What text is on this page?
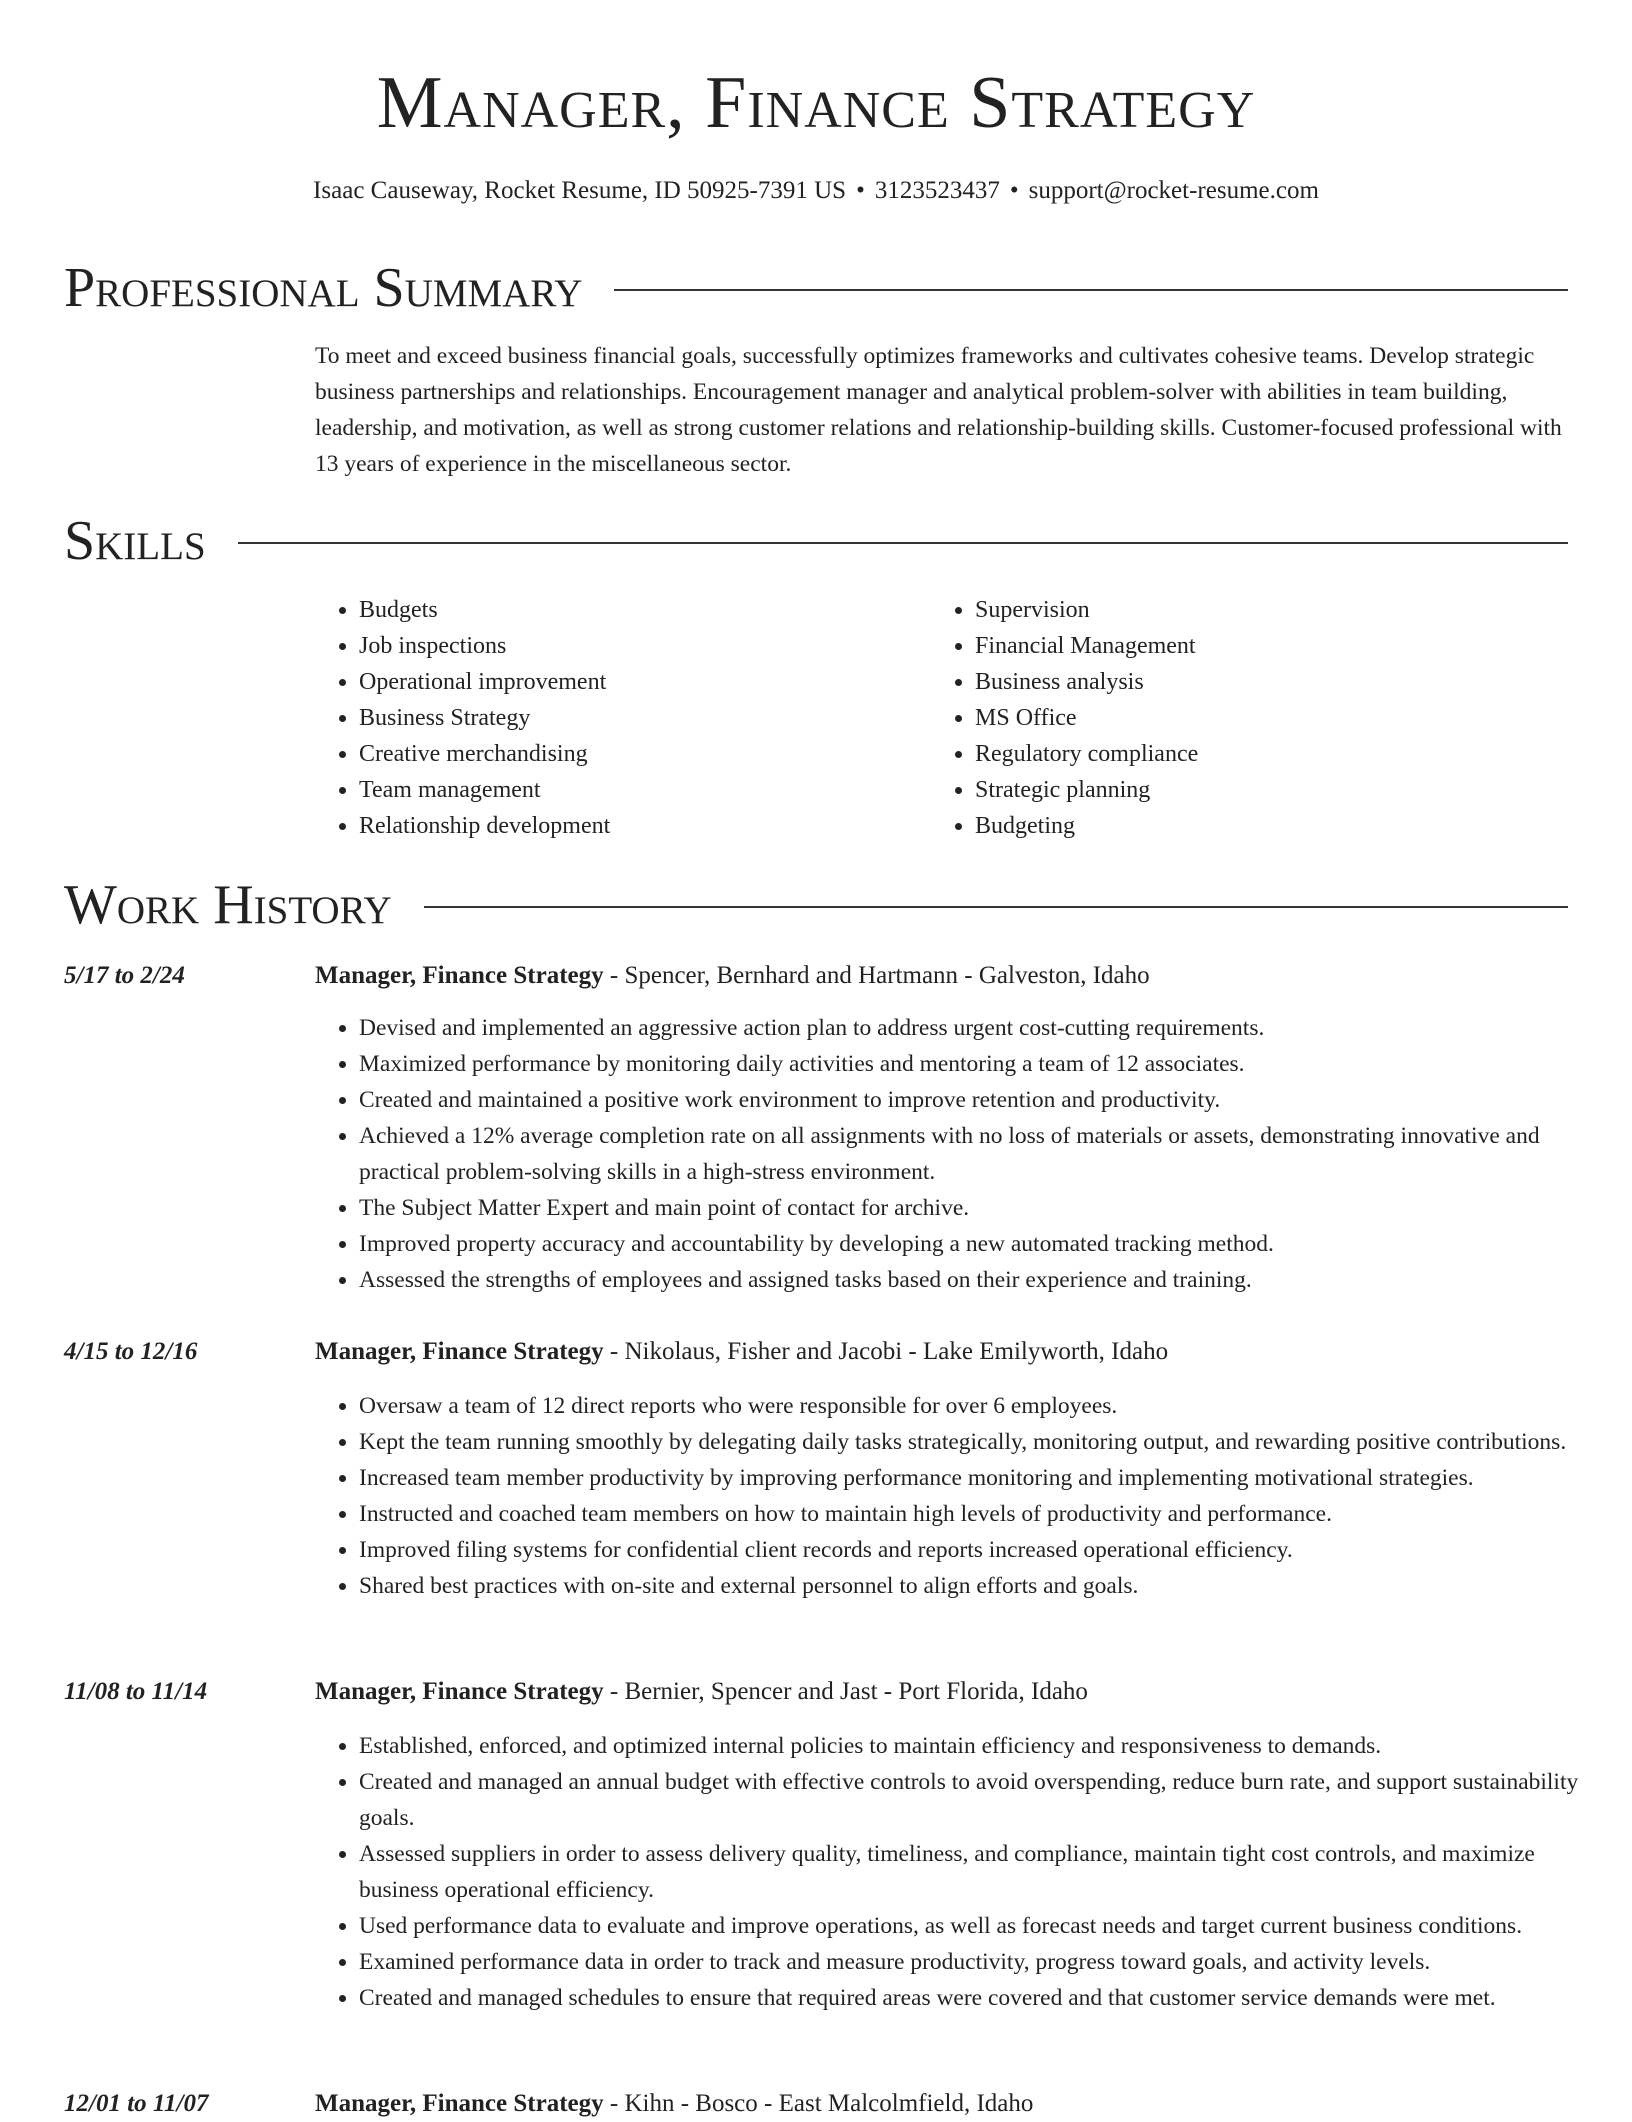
Manager, Finance Strategy
Isaac Causeway, Rocket Resume, ID 50925-7391 US • 3123523437 • support@rocket-resume.com
Professional Summary
To meet and exceed business financial goals, successfully optimizes frameworks and cultivates cohesive teams. Develop strategic business partnerships and relationships. Encouragement manager and analytical problem-solver with abilities in team building, leadership, and motivation, as well as strong customer relations and relationship-building skills. Customer-focused professional with 13 years of experience in the miscellaneous sector.
Skills
• Budgets
• Job inspections
• Operational improvement
• Business Strategy
• Creative merchandising
• Team management
• Relationship development
• Supervision
• Financial Management
• Business analysis
• MS Office
• Regulatory compliance
• Strategic planning
• Budgeting
Work History
5/17 to 2/24	Manager, Finance Strategy - Spencer, Bernhard and Hartmann - Galveston, Idaho
• Devised and implemented an aggressive action plan to address urgent cost-cutting requirements.
• Maximized performance by monitoring daily activities and mentoring a team of 12 associates.
• Created and maintained a positive work environment to improve retention and productivity.
• Achieved a 12% average completion rate on all assignments with no loss of materials or assets, demonstrating innovative and practical problem-solving skills in a high-stress environment.
• The Subject Matter Expert and main point of contact for archive.
• Improved property accuracy and accountability by developing a new automated tracking method.
• Assessed the strengths of employees and assigned tasks based on their experience and training.
4/15 to 12/16	Manager, Finance Strategy - Nikolaus, Fisher and Jacobi - Lake Emilyworth, Idaho
• Oversaw a team of 12 direct reports who were responsible for over 6 employees.
• Kept the team running smoothly by delegating daily tasks strategically, monitoring output, and rewarding positive contributions.
• Increased team member productivity by improving performance monitoring and implementing motivational strategies.
• Instructed and coached team members on how to maintain high levels of productivity and performance.
• Improved filing systems for confidential client records and reports increased operational efficiency.
• Shared best practices with on-site and external personnel to align efforts and goals.
11/08 to 11/14	Manager, Finance Strategy - Bernier, Spencer and Jast - Port Florida, Idaho
• Established, enforced, and optimized internal policies to maintain efficiency and responsiveness to demands.
• Created and managed an annual budget with effective controls to avoid overspending, reduce burn rate, and support sustainability goals.
• Assessed suppliers in order to assess delivery quality, timeliness, and compliance, maintain tight cost controls, and maximize business operational efficiency.
• Used performance data to evaluate and improve operations, as well as forecast needs and target current business conditions.
• Examined performance data in order to track and measure productivity, progress toward goals, and activity levels.
• Created and managed schedules to ensure that required areas were covered and that customer service demands were met.
12/01 to 11/07	Manager, Finance Strategy - Kihn - Bosco - East Malcolmfield, Idaho
